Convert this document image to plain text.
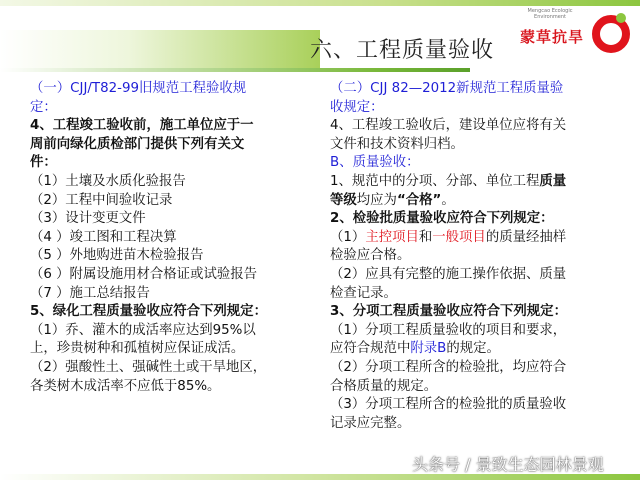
六、工程质量验收
Mengcao Ecologic Environment
蒙草抗旱

（一）CJJ/T82-99旧规范工程验收规

定：

4、工程竣工验收前，施工单位应于一

周前向绿化质检部门提供下列有关文

件：

（1）土壤及水质化验报告

（2）工程中间验收记录

（3）设计变更文件

（4 ）竣工图和工程决算

（5 ）外地购进苗木检验报告

（6 ）附属设施用材合格证或试验报告

（7 ）施工总结报告

5、绿化工程质量验收应符合下列规定：

（1）乔、灌木的成活率应达到95%以

上，珍贵树种和孤植树应保证成活。

（2）强酸性土、强碱性土或干旱地区，

各类树木成活率不应低于85%。

（二）CJJ 82—2012新规范工程质量验

收规定：

4、工程竣工验收后，建设单位应将有关

文件和技术资料归档。

B、质量验收：

1、规范中的分项、分部、单位工程质量

等级均应为“合格”。

2、检验批质量验收应符合下列规定：

（1）主控项目和一般项目的质量经抽样

检验应合格。

（2）应具有完整的施工操作依据、质量

检查记录。

3、分项工程质量验收应符合下列规定：

（1）分项工程质量验收的项目和要求，

应符合规范中附录B的规定。

（2）分项工程所含的检验批，均应符合

合格质量的规定。

（3）分项工程所含的检验批的质量验收

记录应完整。

头条号 / 景致生态园林景观
